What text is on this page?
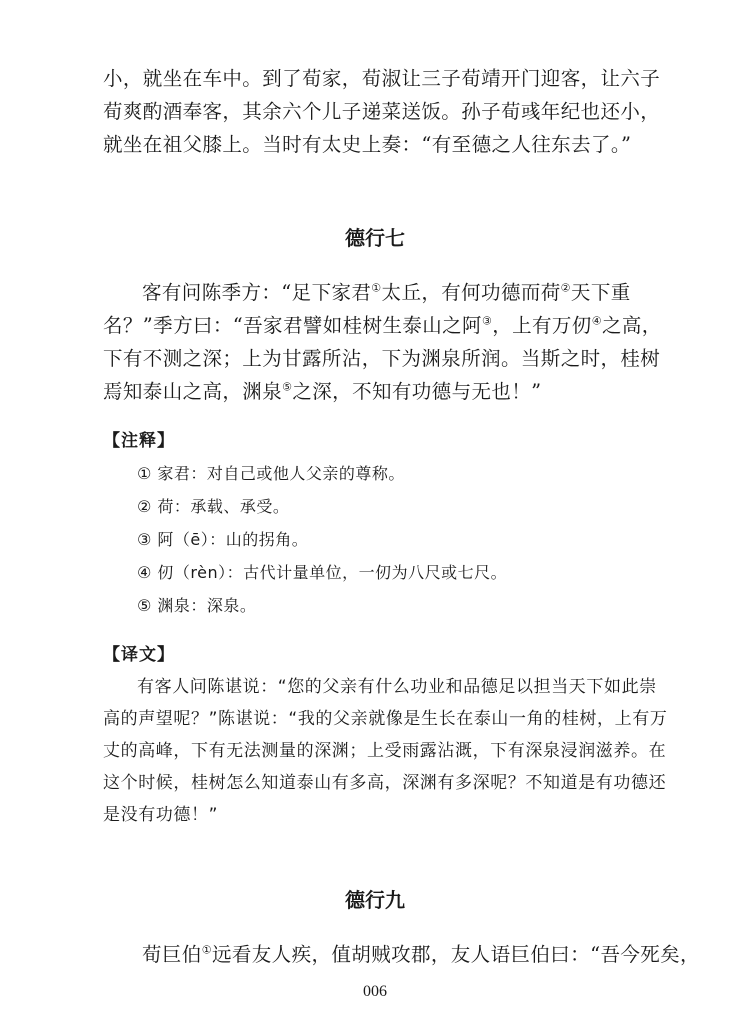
小，就坐在车中。到了荀家，荀淑让三子荀靖开门迎客，让六子荀爽酌酒奉客，其余六个儿子递菜送饭。孙子荀彧年纪也还小，就坐在祖父膝上。当时有太史上奏：“有至德之人往东去了。”

德行七

客有问陈季方：“足下家君①太丘，有何功德而荷②天下重名？”季方曰：“吾家君譬如桂树生泰山之阿③，上有万仞④之高，下有不测之深；上为甘露所沾，下为渊泉所润。当斯之时，桂树焉知泰山之高，渊泉⑤之深，不知有功德与无也！”

【注释】

① 家君：对自己或他人父亲的尊称。

② 荷：承载、承受。

③ 阿（ē）：山的拐角。

④ 仞（rèn）：古代计量单位，一仞为八尺或七尺。

⑤ 渊泉：深泉。

【译文】

有客人问陈谌说：“您的父亲有什么功业和品德足以担当天下如此崇高的声望呢？”陈谌说：“我的父亲就像是生长在泰山一角的桂树，上有万丈的高峰，下有无法测量的深渊；上受雨露沾溉，下有深泉浸润滋养。在这个时候，桂树怎么知道泰山有多高，深渊有多深呢？不知道是有功德还是没有功德！”

德行九

荀巨伯①远看友人疾，值胡贼攻郡，友人语巨伯曰：“吾今死矣，

006
